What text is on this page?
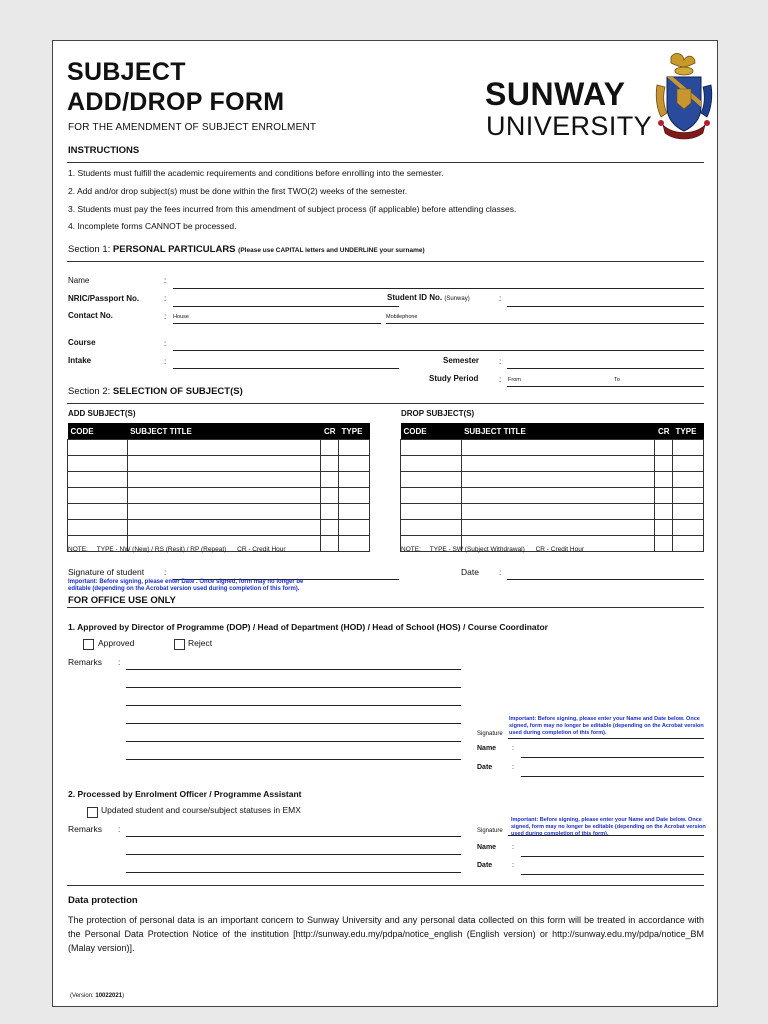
SUBJECT
ADD/DROP FORM
FOR THE AMENDMENT OF SUBJECT ENROLMENT
SUNWAY
UNIVERSITY
INSTRUCTIONS
1. Students must fulfill the academic requirements and conditions before enrolling into the semester.
2. Add and/or drop subject(s) must be done within the first TWO(2) weeks of the semester.
3. Students must pay the fees incurred from this amendment of subject process (if applicable) before attending classes.
4. Incomplete forms CANNOT be processed.
Section 1: PERSONAL PARTICULARS (Please use CAPITAL letters and UNDERLINE your surname)
Name	:
NRIC/Passport No.	:	Student ID No. (Sunway)	:
Contact No.	: House	Mobilephone
Course	:
Intake	:	Semester :
Study Period	: From	To
Section 2: SELECTION OF SUBJECT(S)
ADD SUBJECT(S)	DROP SUBJECT(S)
CODE	SUBJECT TITLE	CR	TYPE

				CODE	SUBJECT TITLE	CR	TYPE

NOTE:     TYPE - NW (New) / RS (Resit) / RP (Repeat)      CR - Credit Hour	NOTE:     TYPE - SW (Subject Withdrawal)      CR - Credit Hour
Signature of student :	Date	:
Important: Before signing, please enter Date . Once signed, form may no longer be editable (depending on the Acrobat version used during completion of this form).
FOR OFFICE USE ONLY
1. Approved by Director of Programme (DOP) / Head of Department (HOD) / Head of School (HOS) / Course Coordinator
Approved	Reject
Remarks :
Important: Before signing, please enter your Name and Date below. Once signed, form may no longer be editable (depending on the Acrobat version used during completion of this form).
Signature
Name :
Date	:
2. Processed by Enrolment Officer / Programme Assistant
Updated student and course/subject statuses in EMX
Remarks :
Important: Before signing, please enter your Name and Date below. Once signed, form may no longer be editable (depending on the Acrobat version used during completion of this form).
Signature
Name :
Date	:
Data protection
The protection of personal data is an important concern to Sunway University and any personal data collected on this form will be treated in accordance with the Personal Data Protection Notice of the institution [http://sunway.edu.my/pdpa/notice_english (English version) or http://sunway.edu.my/pdpa/notice_BM (Malay version)].
(Version: 10022021)
